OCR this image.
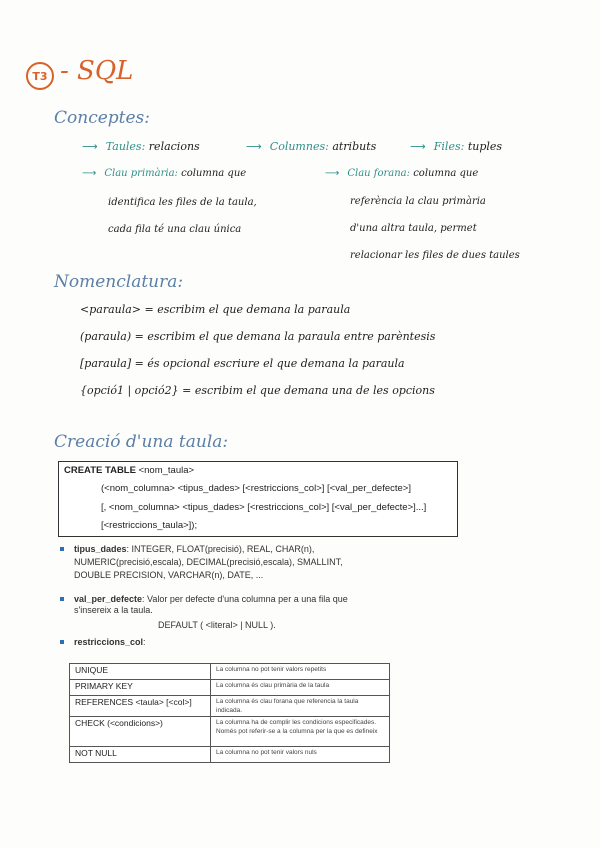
T3 - SQL
Conceptes:
⟶ Taules: relacions	⟶ Columnes: atributs	⟶ Files: tuples
⟶ Clau primària: columna que
identifica les files de la taula,
cada fila té una clau única
⟶ Clau forana: columna que
referència la clau primària
d'una altra taula, permet
relacionar les files de dues taules
Nomenclatura:
<paraula> = escribim el que demana la paraula
(paraula) = escribim el que demana la paraula entre parèntesis
[paraula] = és opcional escriure el que demana la paraula
{opció1 | opció2} = escribim el que demana una de les opcions
Creació d'una taula:
CREATE TABLE <nom_taula>
(<nom_columna> <tipus_dades> [<restriccions_col>] [<val_per_defecte>]
[, <nom_columna> <tipus_dades> [<restriccions_col>] [<val_per_defecte>]...]
[<restriccions_taula>]);
tipus_dades: INTEGER, FLOAT(precisió), REAL, CHAR(n),
NUMERIC(precisió,escala), DECIMAL(precisió,escala), SMALLINT,
DOUBLE PRECISION, VARCHAR(n), DATE, ...
val_per_defecte: Valor per defecte d'una columna per a una fila que
s'insereix a la taula.
DEFAULT ( <literal> | NULL ).
restriccions_col:
UNIQUE	La columna no pot tenir valors repetits
PRIMARY KEY	La columna és clau primària de la taula
REFERENCES <taula> [<col>]	La columna és clau forana que referencia la taula indicada.
CHECK (<condicions>)	La columna ha de complir les condicions especificades. Només pot referir-se a la columna per la que es defineix
NOT NULL	La columna no pot tenir valors nuls
